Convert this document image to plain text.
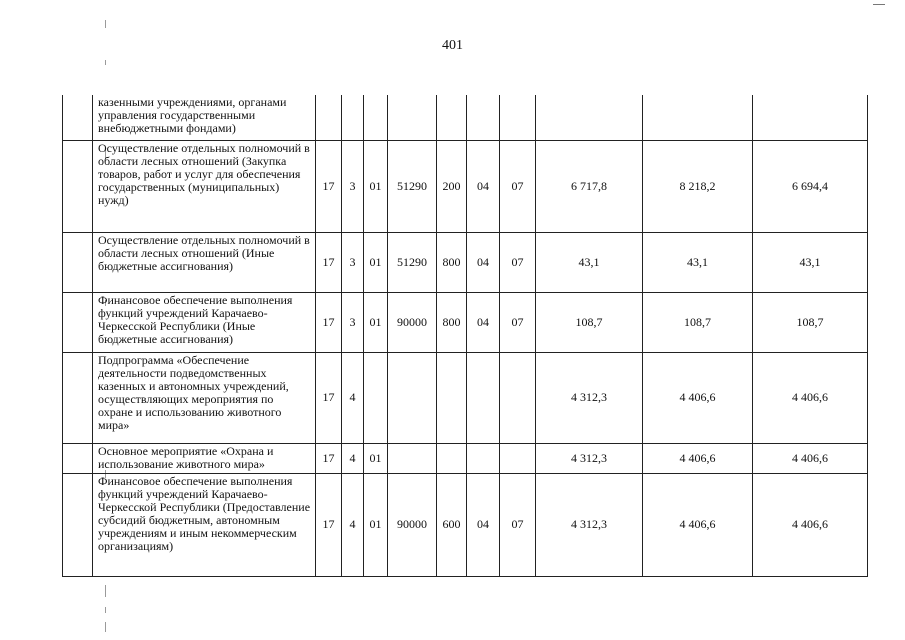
401
	казенными учреждениями, органами управления государственными внебюджетными фондами)										
	Осуществление отдельных полномочий в области лесных отношений (Закупка товаров, работ и услуг для обеспечения государственных (муниципальных) нужд)	17	3	01	51290	200	04	07	6 717,8	8 218,2	6 694,4
	Осуществление отдельных полномочий в области лесных отношений (Иные бюджетные ассигнования)	17	3	01	51290	800	04	07	43,1	43,1	43,1
	Финансовое обеспечение выполнения функций учреждений Карачаево-Черкесской Республики (Иные бюджетные ассигнования)	17	3	01	90000	800	04	07	108,7	108,7	108,7
	Подпрограмма «Обеспечение деятельности подведомственных казенных и автономных учреждений, осуществляющих мероприятия по охране и использованию животного мира»	17	4						4 312,3	4 406,6	4 406,6
	Основное мероприятие «Охрана и использование животного мира»	17	4	01					4 312,3	4 406,6	4 406,6
	Финансовое обеспечение выполнения функций учреждений Карачаево-Черкесской Республики (Предоставление субсидий бюджетным, автономным учреждениям и иным некоммерческим организациям)	17	4	01	90000	600	04	07	4 312,3	4 406,6	4 406,6
